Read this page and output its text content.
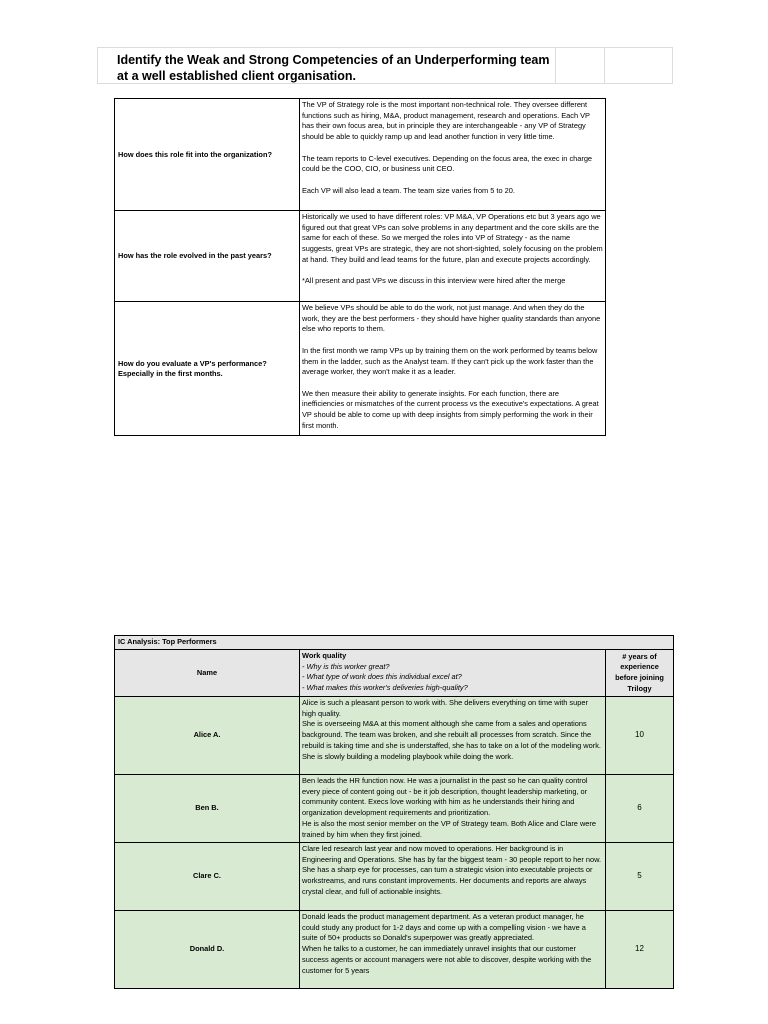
Identify the Weak and Strong Competencies of an Underperforming team at a well established client organisation.
How does this role fit into the organization?	The VP of Strategy role is the most important non-technical role. They oversee different functions such as hiring, M&A, product management, research and operations. Each VP has their own focus area, but in principle they are interchangeable - any VP of Strategy should be able to quickly ramp up and lead another function in very little time.

The team reports to C-level executives. Depending on the focus area, the exec in charge could be the COO, CIO, or business unit CEO.

Each VP will also lead a team. The team size varies from 5 to 20.

How has the role evolved in the past years?	Historically we used to have different roles: VP M&A, VP Operations etc but 3 years ago we figured out that great VPs can solve problems in any department and the core skills are the same for each of these. So we merged the roles into VP of Strategy - as the name suggests, great VPs are strategic, they are not short-sighted, solely focusing on the problem at hand. They build and lead teams for the future, plan and execute projects accordingly.

*All present and past VPs we discuss in this interview were hired after the merge

How do you evaluate a VP's performance? Especially in the first months.	We believe VPs should be able to do the work, not just manage. And when they do the work, they are the best performers - they should have higher quality standards than anyone else who reports to them.

In the first month we ramp VPs up by training them on the work performed by teams below them in the ladder, such as the Analyst team. If they can't pick up the work faster than the average worker, they won't make it as a leader.

We then measure their ability to generate insights. For each function, there are inefficiencies or mismatches of the current process vs the executive's expectations. A great VP should be able to come up with deep insights from simply performing the work in their first month.

IC Analysis: Top Performers		
Name	Work quality
- Why is this worker great?
- What type of work does this individual excel at?
- What makes this worker's deliveries high-quality?	# years of experience before joining Trilogy
Alice A.	Alice is such a pleasant person to work with. She delivers everything on time with super high quality.

She is overseeing M&A at this moment although she came from a sales and operations background. The team was broken, and she rebuilt all processes from scratch. Since the rebuild is taking time and she is understaffed, she has to take on a lot of the modeling work. She is slowly building a modeling playbook while doing the work.	10
Ben B.	Ben leads the HR function now. He was a journalist in the past so he can quality control every piece of content going out - be it job description, thought leadership marketing, or community content. Execs love working with him as he understands their hiring and organization development requirements and prioritization.

He is also the most senior member on the VP of Strategy team. Both Alice and Clare were trained by him when they first joined.	6
Clare C.	Clare led research last year and now moved to operations. Her background is in Engineering and Operations. She has by far the biggest team - 30 people report to her now.

She has a sharp eye for processes, can turn a strategic vision into executable projects or workstreams, and runs constant improvements. Her documents and reports are always crystal clear, and full of actionable insights.	5
Donald D.	Donald leads the product management department. As a veteran product manager, he could study any product for 1-2 days and come up with a compelling vision - we have a suite of 50+ products so Donald's superpower was greatly appreciated.

When he talks to a customer, he can immediately unravel insights that our customer success agents or account managers were not able to discover, despite working with the customer for 5 years	12
